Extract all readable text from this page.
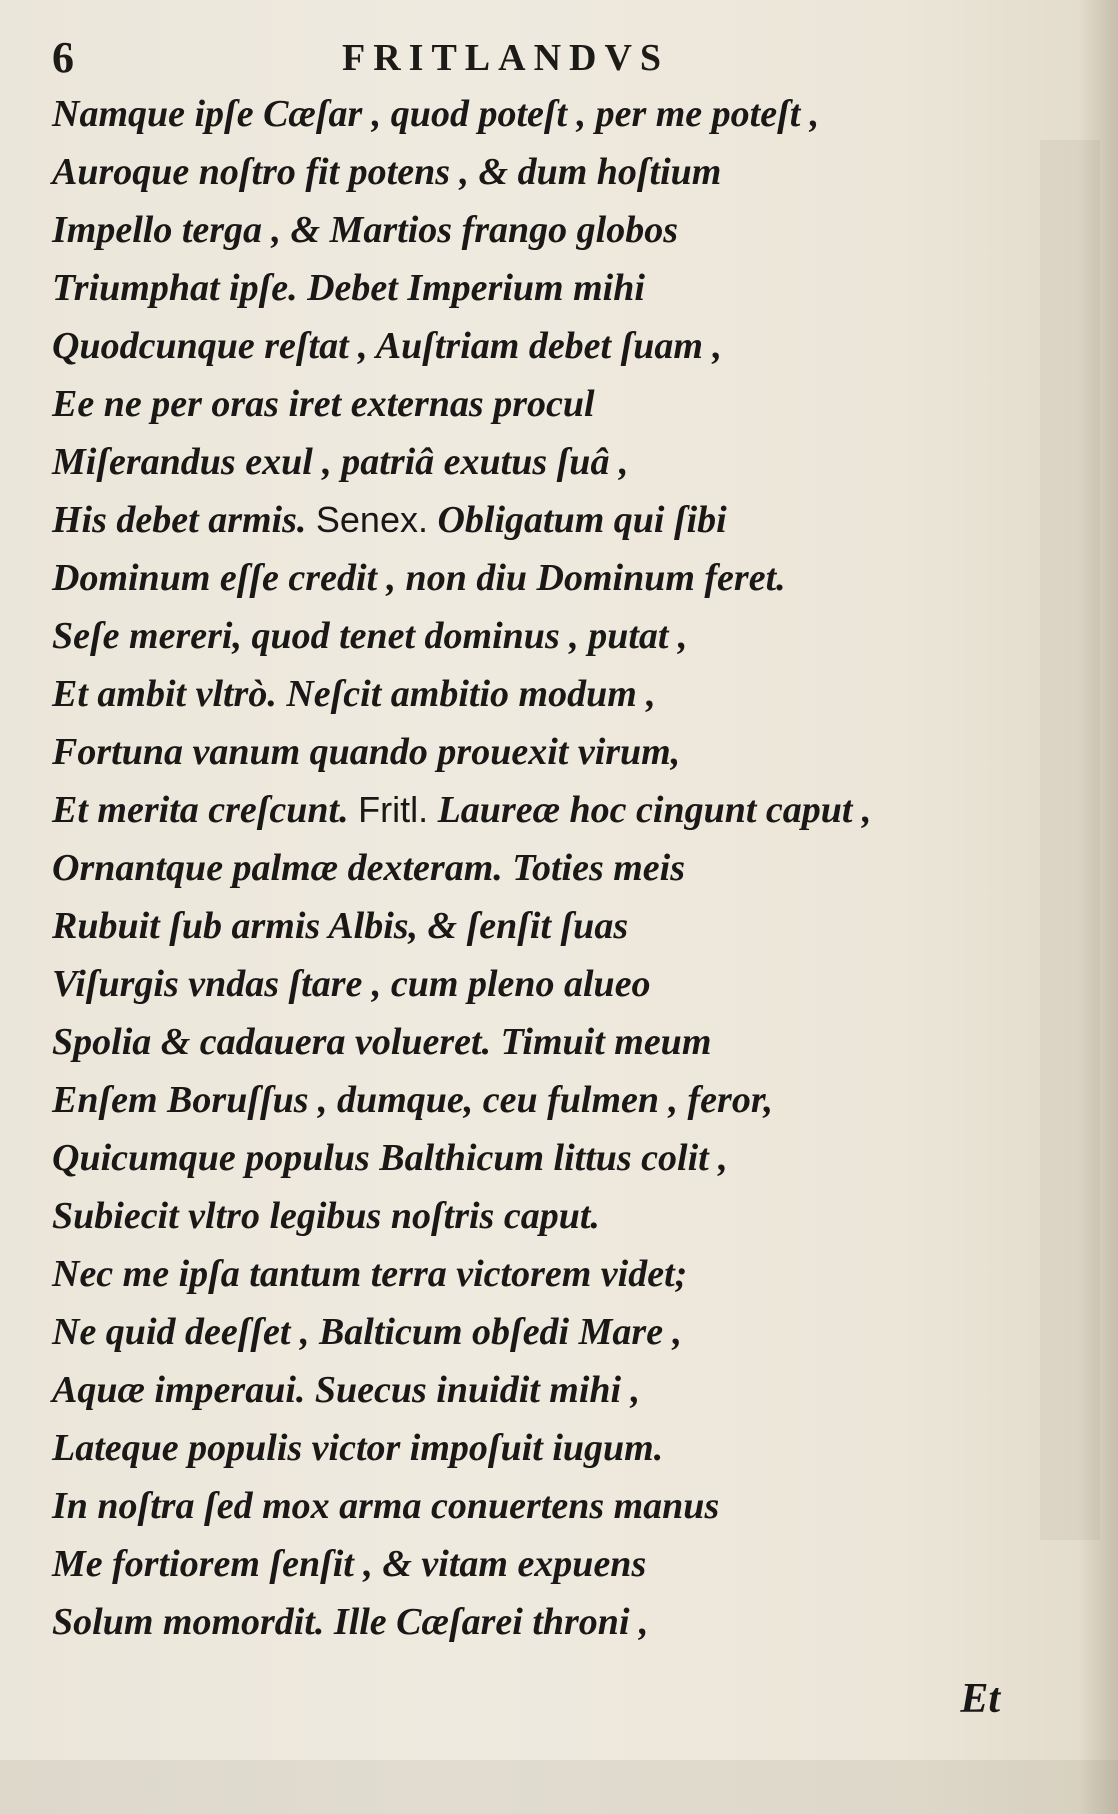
6	FRITLANDVS
Namque ipſe Cæſar , quod poteſt , per me poteſt ,
Auroque noſtro fit potens , & dum hoſtium
Impello terga , & Martios frango globos
Triumphat ipſe. Debet Imperium mihi
Quodcunque reſtat , Auſtriam debet ſuam ,
Ee ne per oras iret externas procul
Miſerandus exul , patriâ exutus ſuâ ,
His debet armis. Senex. Obligatum qui ſibi
Dominum eſſe credit , non diu Dominum feret.
Seſe mereri, quod tenet dominus , putat ,
Et ambit vltrò. Neſcit ambitio modum ,
Fortuna vanum quando prouexit virum,
Et merita creſcunt. Fritl. Laureæ hoc cingunt caput ,
Ornantque palmæ dexteram. Toties meis
Rubuit ſub armis Albis, & ſenſit ſuas
Viſurgis vndas ſtare , cum pleno alueo
Spolia & cadauera volueret. Timuit meum
Enſem Boruſſus , dumque, ceu fulmen , feror,
Quicumque populus Balthicum littus colit ,
Subiecit vltro legibus noſtris caput.
Nec me ipſa tantum terra victorem videt;
Ne quid deeſſet , Balticum obſedi Mare ,
Aquæ imperaui. Suecus inuidit mihi ,
Lateque populis victor impoſuit iugum.
In noſtra ſed mox arma conuertens manus
Me fortiorem ſenſit , & vitam expuens
Solum momordit. Ille Cæſarei throni ,
Et
